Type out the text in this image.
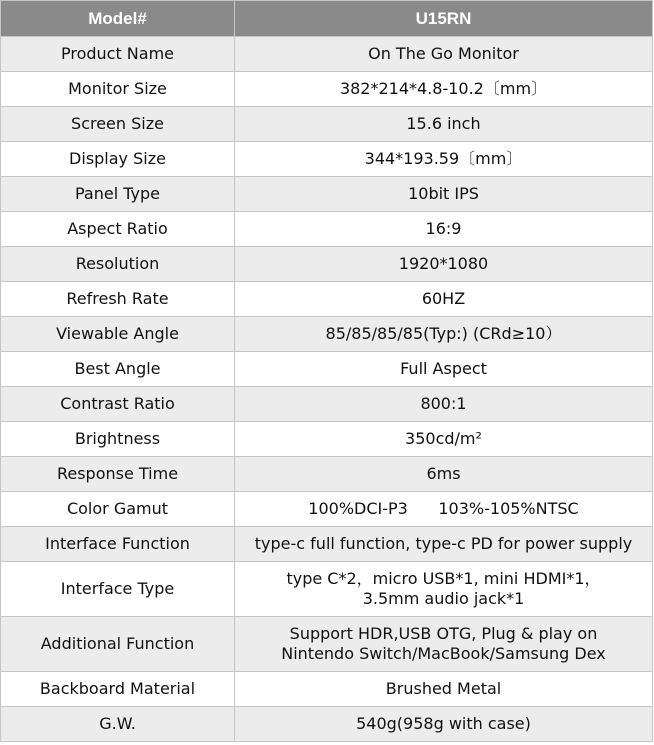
Model#	U15RN
Product Name	On The Go Monitor
Monitor Size	382*214*4.8-10.2〔mm〕
Screen Size	15.6 inch
Display Size	344*193.59〔mm〕
Panel Type	10bit IPS
Aspect Ratio	16:9
Resolution	1920*1080
Refresh Rate	60HZ
Viewable Angle	85/85/85/85(Typ:) (CRd≥10）
Best Angle	Full Aspect
Contrast Ratio	800:1
Brightness	350cd/m²
Response Time	6ms
Color Gamut	100%DCI-P3      103%-105%NTSC
Interface Function	type-c full function, type-c PD for power supply
Interface Type	type C*2，micro USB*1, mini HDMI*1，
3.5mm audio jack*1
Additional Function	Support HDR,USB OTG, Plug & play on
Nintendo Switch/MacBook/Samsung Dex
Backboard Material	Brushed Metal
G.W.	540g(958g with case)
